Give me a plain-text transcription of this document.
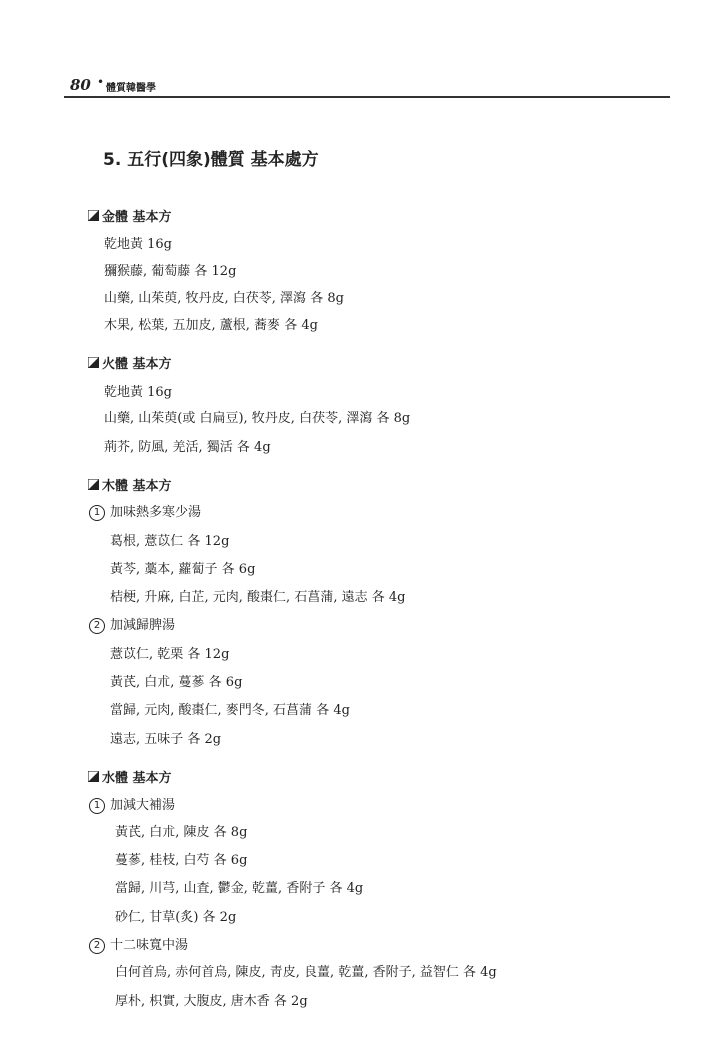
80 • 體質韓醫學
5. 五行(四象)體質 基本處方
金體 基本方
乾地黃 16g
獼猴藤, 葡萄藤 各 12g
山藥, 山茱萸, 牧丹皮, 白茯苓, 澤瀉 各 8g
木果, 松葉, 五加皮, 蘆根, 蕎麥 各 4g
火體 基本方
乾地黃 16g
山藥, 山茱萸(或 白扁豆), 牧丹皮, 白茯苓, 澤瀉 各 8g
荊芥, 防風, 羌活, 獨活 各 4g
木體 基本方
1 加味熱多寒少湯
葛根, 薏苡仁 各 12g
黃芩, 藁本, 蘿蔔子 各 6g
桔梗, 升麻, 白芷, 元肉, 酸棗仁, 石菖蒲, 遠志 各 4g
2 加減歸脾湯
薏苡仁, 乾栗 各 12g
黃芪, 白朮, 蔓蔘 各 6g
當歸, 元肉, 酸棗仁, 麥門冬, 石菖蒲 各 4g
遠志, 五味子 各 2g
水體 基本方
1 加減大補湯
黃芪, 白朮, 陳皮 各 8g
蔓蔘, 桂枝, 白芍 各 6g
當歸, 川芎, 山査, 鬱金, 乾薑, 香附子 各 4g
砂仁, 甘草(炙) 各 2g
2 十二味寬中湯
白何首烏, 赤何首烏, 陳皮, 靑皮, 良薑, 乾薑, 香附子, 益智仁 各 4g
厚朴, 枳實, 大腹皮, 唐木香 各 2g
